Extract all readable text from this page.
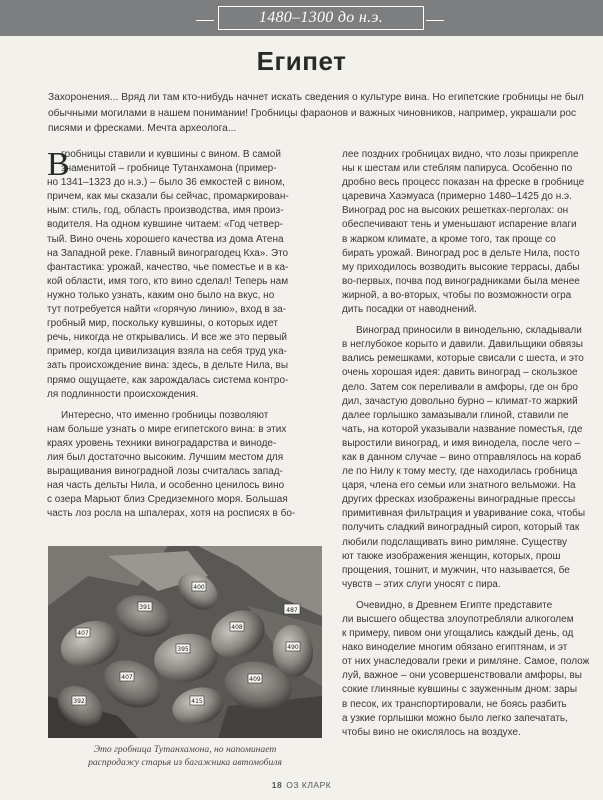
1480–1300 до н.э.
Египет
Захоронения... Вряд ли там кто-нибудь начнет искать сведения о культуре вина. Но египетские гробницы не был
обычными могилами в нашем понимании! Гробницы фараонов и важных чиновников, например, украшали рос
писями и фресками. Мечта археолога...
В
гробницы ставили и кувшины с вином. В самой
знаменитой – гробнице Тутанхамона (пример-
но 1341–1323 до н.э.) – было 36 емкостей с вином,
причем, как мы сказали бы сейчас, промаркирован-
ным: стиль, год, область производства, имя произ-
водителя. На одном кувшине читаем: «Год четвер-
тый. Вино очень хорошего качества из дома Атена
на Западной реке. Главный винограгодец Кха». Это
фантастика: урожай, качество, чье поместье и в ка-
кой области, имя того, кто вино сделал! Теперь нам
нужно только узнать, каким оно было на вкус, но
тут потребуется найти «горячую линию», вход в за-
гробный мир, поскольку кувшины, о которых идет
речь, никогда не открывались. И все же это первый
пример, когда цивилизация взяла на себя труд ука-
зать происхождение вина: здесь, в дельте Нила, вы
прямо ощущаете, как зарождалась система контро-
ля подлинности происхождения.
Интересно, что именно гробницы позволяют
нам больше узнать о мире египетского вина: в этих
краях уровень техники виноградарства и виноде-
лия был достаточно высоким. Лучшим местом для
выращивания виноградной лозы считалась запад-
ная часть дельты Нила, и особенно ценилось вино
с озера Марьют близ Средиземного моря. Большая
часть лоз росла на шпалерах, хотя на росписях в бо-
лее поздних гробницах видно, что лозы прикрепле
ны к шестам или стеблям папируса. Особенно по
дробно весь процесс показан на фреске в гробнице
царевича Хаэмуаса (примерно 1480–1425 до н.э.
Виноград рос на высоких решетках-перголах: он
обеспечивают тень и уменьшают испарение влаги
в жарком климате, а кроме того, так проще со
бирать урожай. Виноград рос в дельте Нила, посто
му приходилось возводить высокие террасы, дабы
во-первых, почва под виноградниками была менее
жирной, а во-вторых, чтобы по возможности огра
дить посадки от наводнений.
Виноград приносили в винодельню, складывали
в неглубокое корыто и давили. Давильщики обвязы
вались ремешками, которые свисали с шеста, и это
очень хорошая идея: давить виноград – скользкое
дело. Затем сок переливали в амфоры, где он бро
дил, зачастую довольно бурно – климат-то жаркий
далее горлышко замазывали глиной, ставили пе
чать, на которой указывали название поместья, где
выростили виноград, и имя винодела, после чего –
как в данном случае – вино отправлялось на кораб
ле по Нилу к тому месту, где находилась гробница
царя, члена его семьи или знатного вельможи. На
других фресках изображены виноградные прессы
примитивная фильтрация и уваривание сока, чтобы
получить сладкий виноградный сироп, который так
любили подслащивать вино римляне. Существу
ют также изображения женщин, которых, прош
прощения, тошнит, и мужчин, что называется, бе
чувств – этих слуги уносят с пира.
Очевидно, в Древнем Египте представите
ли высшего общества злоупотребляли алкоголем
к примеру, пивом они угощались каждый день, од
нако виноделие многим обязано египтянам, и эт
от них унаследовали греки и римляне. Самое, полож
луй, важное – они усовершенствовали амфоры, вы
сокие глиняные кувшины с зауженным дном: зары
в песок, их транспортировали, не боясь разбить
а узкие горлышки можно было легко запечатать,
чтобы вино не окислялось на воздухе.
407
391	487
395
407
408
409
415
392
400
490
Это гробница Тутанхамона, но напоминает
распродажу старья из багажника автомобиля
18 ОЗ КЛАРК
